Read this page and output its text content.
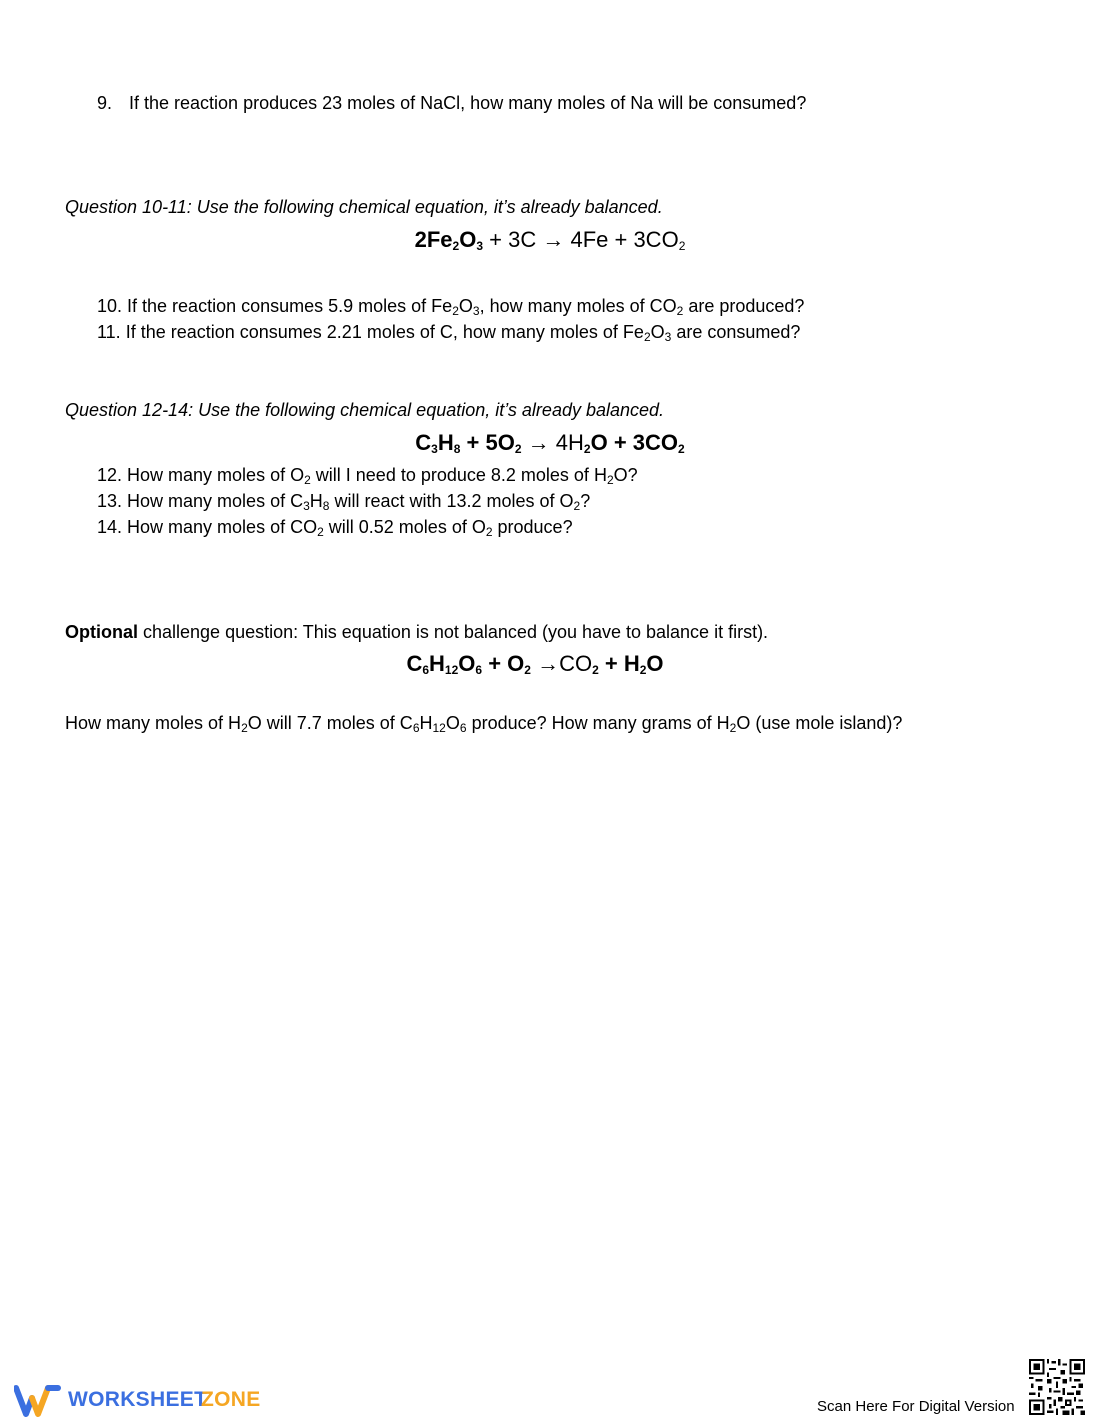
9. If the reaction produces 23 moles of NaCl, how many moles of Na will be consumed?
Question 10-11: Use the following chemical equation, it’s already balanced.
$2Fe_2O_3 + 3C \to 4Fe + 3CO_2$
10. If the reaction consumes 5.9 moles of $Fe_2O_3$, how many moles of $CO_2$ are produced?
11. If the reaction consumes 2.21 moles of C, how many moles of $Fe_2O_3$ are consumed?
Question 12-14: Use the following chemical equation, it’s already balanced.
$C_3H_8 + 5O_2 \to 4H_2O + 3CO_2$
12. How many moles of $O_2$ will I need to produce 8.2 moles of $H_2O$?
13. How many moles of $C_3H_8$ will react with 13.2 moles of $O_2$?
14. How many moles of $CO_2$ will 0.52 moles of $O_2$ produce?
Optional challenge question: This equation is not balanced (you have to balance it first).
$C_6H_{12}O_6 + O_2 \to CO_2 + H_2O$
How many moles of $H_2O$ will 7.7 moles of $C_6H_{12}O_6$ produce? How many grams of $H_2O$ (use mole island)?
WORKSHEET
ZONE	Scan Here For Digital Version
